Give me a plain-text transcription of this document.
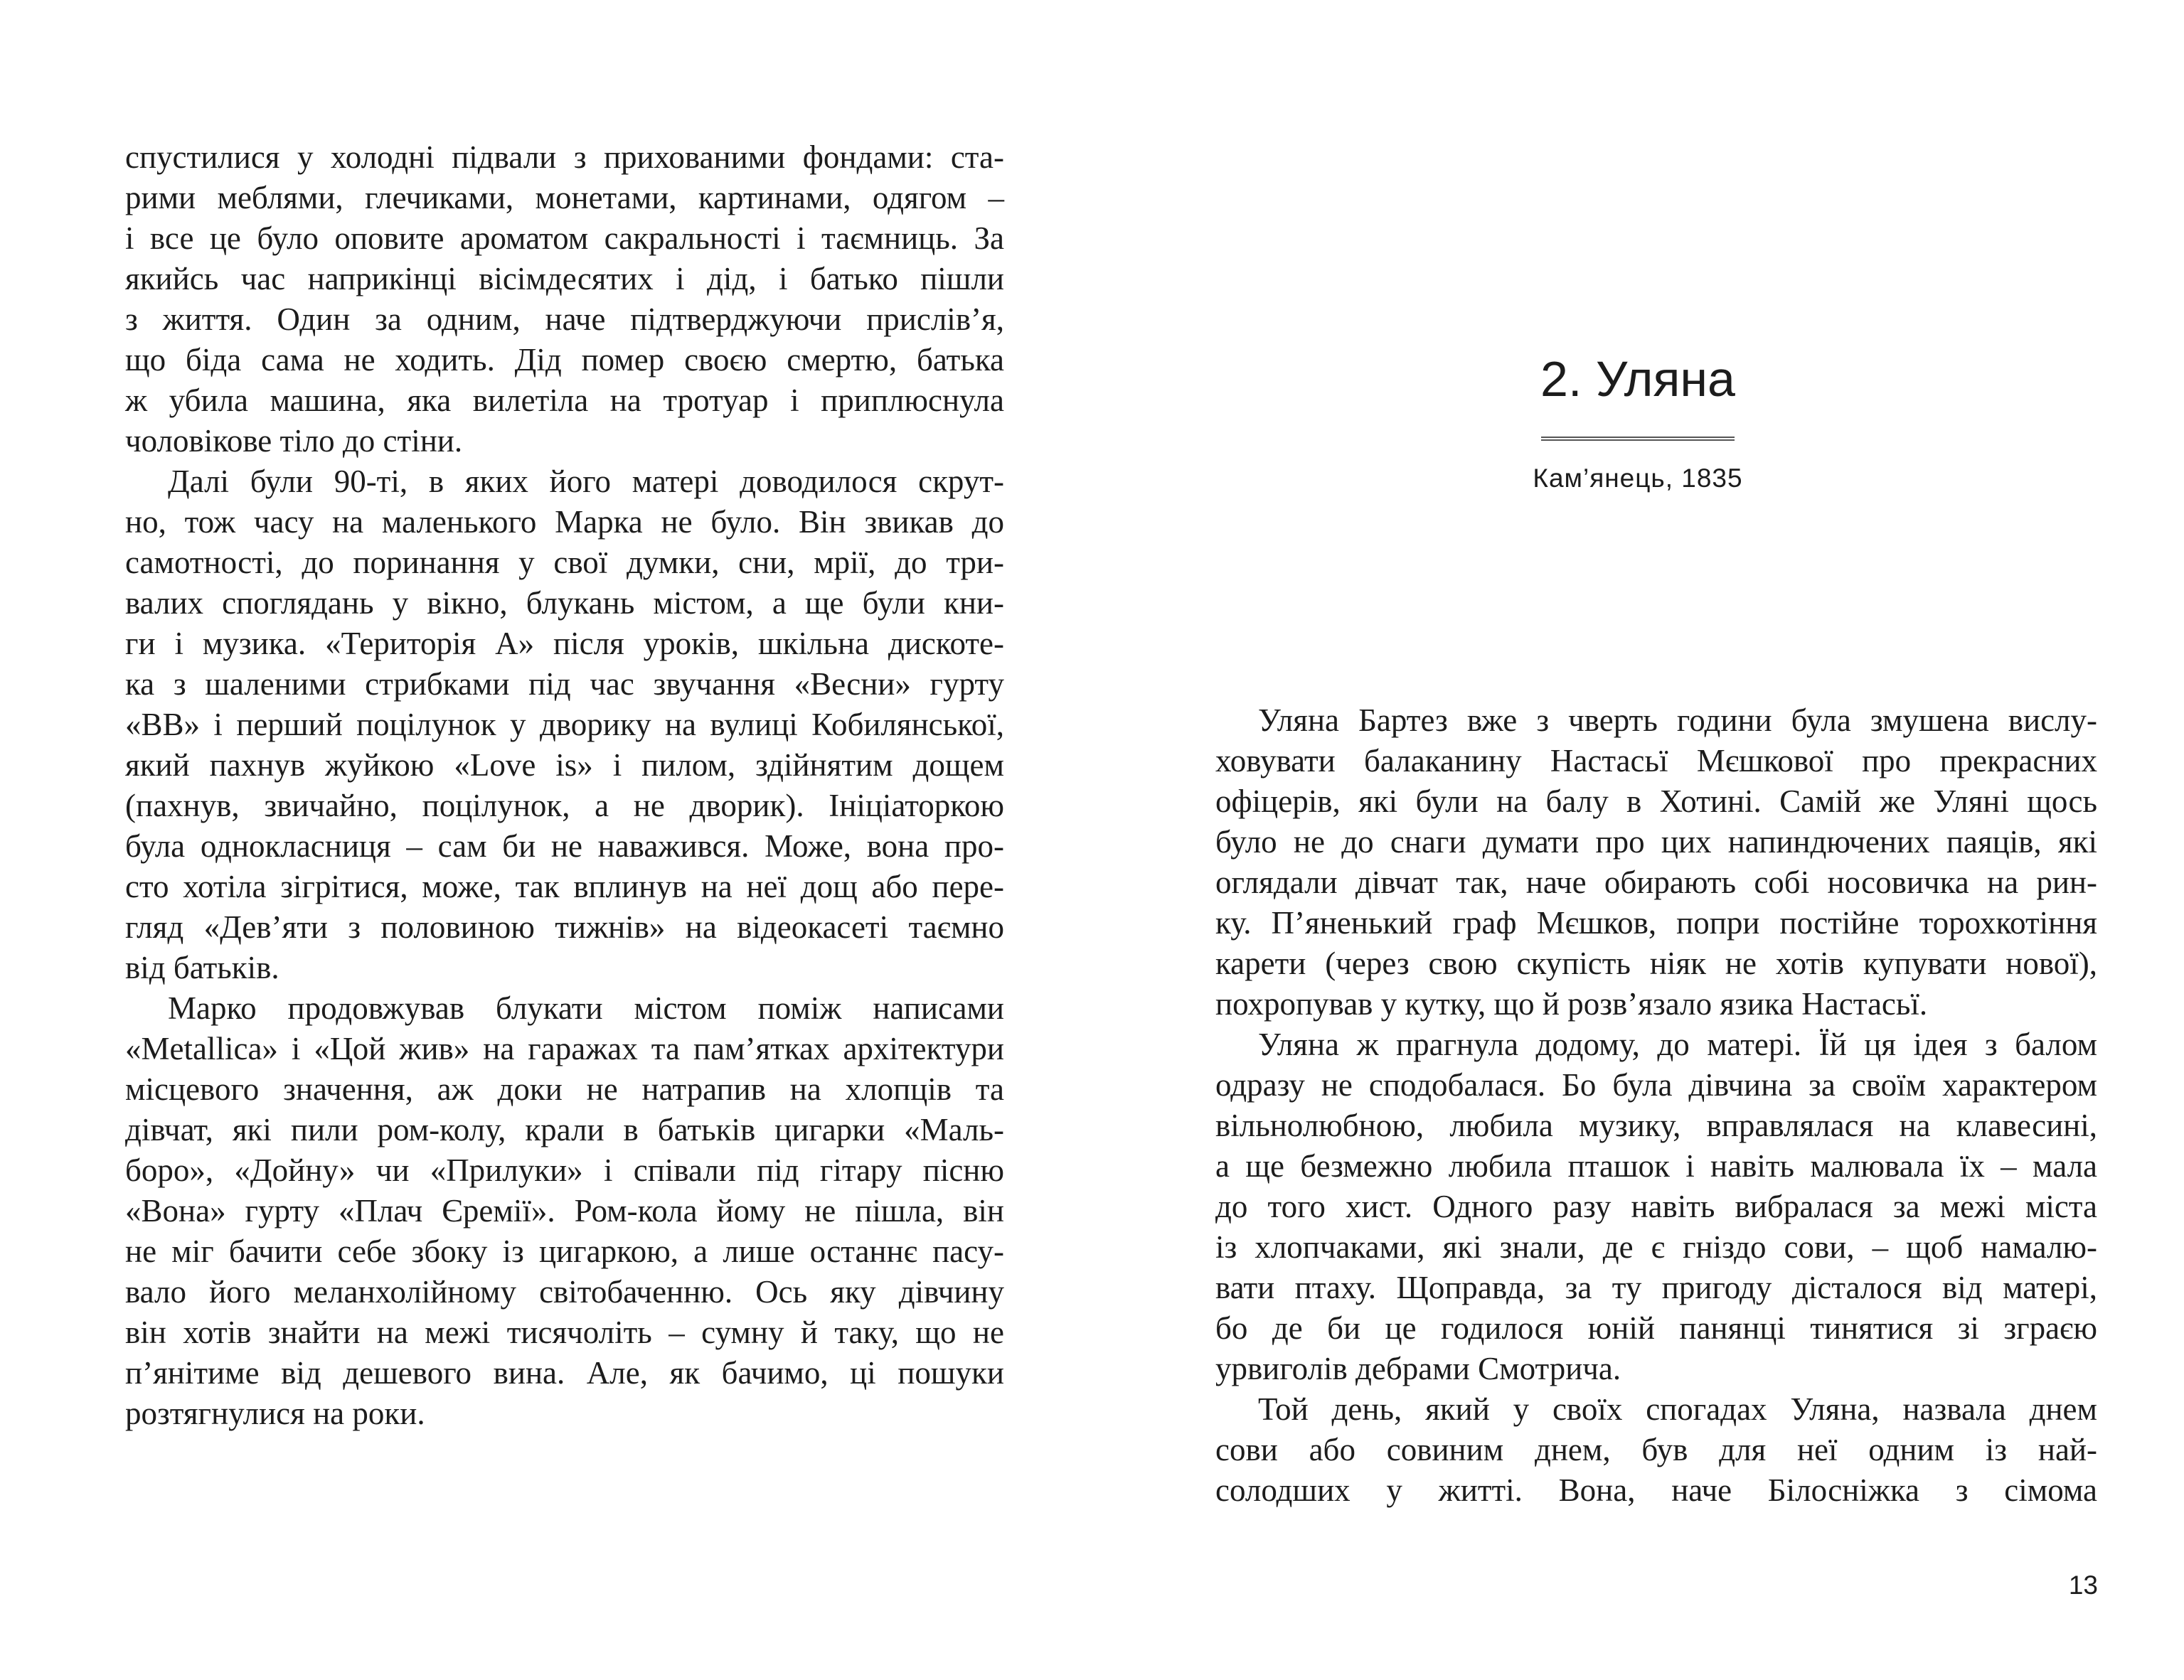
спустилися у холодні підвали з прихованими фондами: ста-
рими меблями, глечиками, монетами, картинами, одягом –
і все це було оповите ароматом сакральності і таємниць. За
якийсь час наприкінці вісімдесятих і дід, і батько пішли
з життя. Один за одним, наче підтверджуючи прислів’я,
що біда сама не ходить. Дід помер своєю смертю, батька
ж убила машина, яка вилетіла на тротуар і приплюснула
чоловікове тіло до стіни.
Далі були 90-ті, в яких його матері доводилося скрут-
но, тож часу на маленького Марка не було. Він звикав до
самотності, до поринання у свої думки, сни, мрії, до три-
валих споглядань у вікно, блукань містом, а ще були кни-
ги і музика. «Територія А» після уроків, шкільна дискоте-
ка з шаленими стрибками під час звучання «Весни» гурту
«ВВ» і перший поцілунок у дворику на вулиці Кобилянської,
який пахнув жуйкою «Love is» і пилом, здійнятим дощем
(пахнув, звичайно, поцілунок, а не дворик). Ініціаторкою
була однокласниця – сам би не наважився. Може, вона про-
сто хотіла зігрітися, може, так вплинув на неї дощ або пере-
гляд «Дев’яти з половиною тижнів» на відеокасеті таємно
від батьків.
Марко продовжував блукати містом поміж написами
«Metallica» і «Цой жив» на гаражах та пам’ятках архітектури
місцевого значення, аж доки не натрапив на хлопців та
дівчат, які пили ром-колу, крали в батьків цигарки «Маль-
боро», «Дойну» чи «Прилуки» і співали під гітару пісню
«Вона» гурту «Плач Єремії». Ром-кола йому не пішла, він
не міг бачити себе збоку із цигаркою, а лише останнє пасу-
вало його меланхолійному світобаченню. Ось яку дівчину
він хотів знайти на межі тисячоліть – сумну й таку, що не
п’янітиме від дешевого вина. Але, як бачимо, ці пошуки
розтягнулися на роки.
2. Уляна
Кам’янець, 1835
Уляна Бартез вже з чверть години була змушена вислу-
ховувати балаканину Настасьї Мєшкової про прекрасних
офіцерів, які були на балу в Хотині. Самій же Уляні щось
було не до снаги думати про цих напиндючених паяців, які
оглядали дівчат так, наче обирають собі носовичка на рин-
ку. П’яненький граф Мєшков, попри постійне торохкотіння
карети (через свою скупість ніяк не хотів купувати нової),
похропував у кутку, що й розв’язало язика Настасьї.
Уляна ж прагнула додому, до матері. Їй ця ідея з балом
одразу не сподобалася. Бо була дівчина за своїм характером
вільнолюбною, любила музику, вправлялася на клавесині,
а ще безмежно любила пташок і навіть малювала їх – мала
до того хист. Одного разу навіть вибралася за межі міста
із хлопчаками, які знали, де є гніздо сови, – щоб намалю-
вати птаху. Щоправда, за ту пригоду дісталося від матері,
бо де би це годилося юній панянці тинятися зі зграєю
урвиголів дебрами Смотрича.
Той день, який у своїх спогадах Уляна, назвала днем
сови або совиним днем, був для неї одним із най-
солодших у житті. Вона, наче Білосніжка з сімома
13
